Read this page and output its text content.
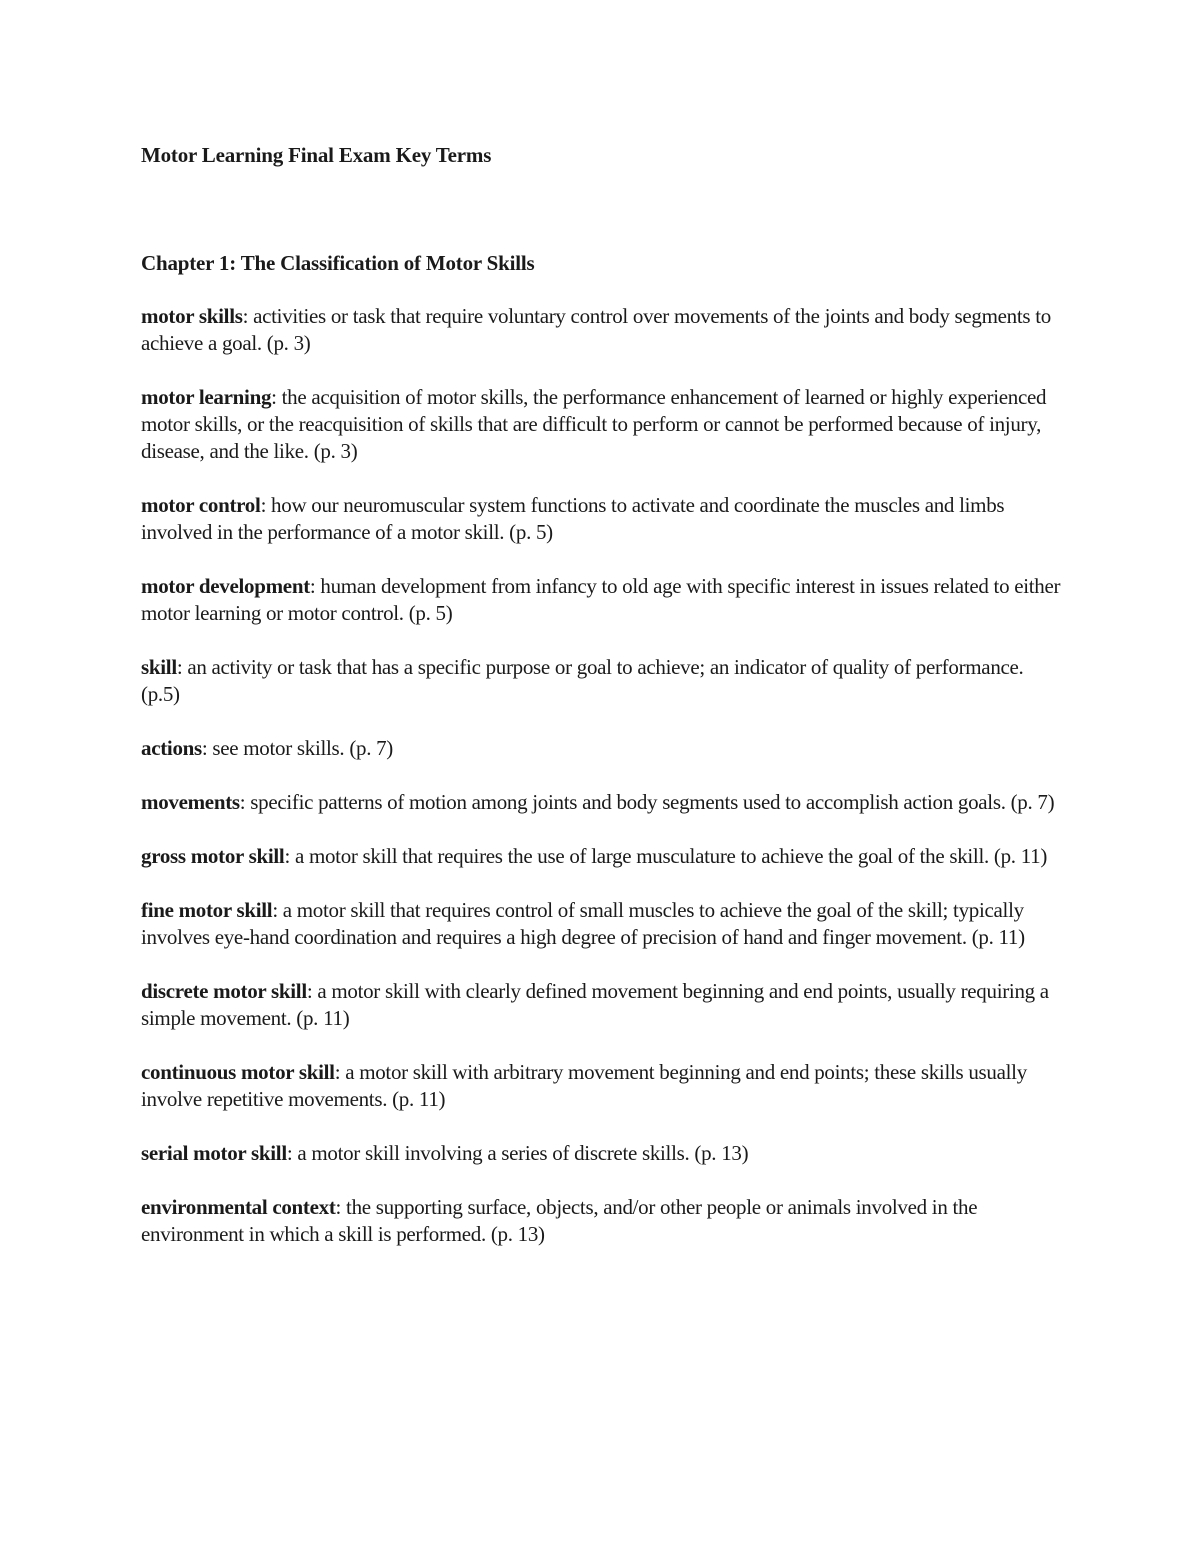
Motor Learning Final Exam Key Terms

Chapter 1: The Classification of Motor Skills

motor skills: activities or task that require voluntary control over movements of the joints and body segments to achieve a goal. (p. 3)

motor learning: the acquisition of motor skills, the performance enhancement of learned or highly experienced motor skills, or the reacquisition of skills that are difficult to perform or cannot be performed because of injury, disease, and the like. (p. 3)

motor control: how our neuromuscular system functions to activate and coordinate the muscles and limbs involved in the performance of a motor skill. (p. 5)

motor development: human development from infancy to old age with specific interest in issues related to either motor learning or motor control. (p. 5)

skill: an activity or task that has a specific purpose or goal to achieve; an indicator of quality of performance. (p.5)

actions: see motor skills. (p. 7)

movements: specific patterns of motion among joints and body segments used to accomplish action goals. (p. 7)

gross motor skill: a motor skill that requires the use of large musculature to achieve the goal of the skill. (p. 11)

fine motor skill: a motor skill that requires control of small muscles to achieve the goal of the skill; typically involves eye-hand coordination and requires a high degree of precision of hand and finger movement. (p. 11)

discrete motor skill: a motor skill with clearly defined movement beginning and end points, usually requiring a simple movement. (p. 11)

continuous motor skill: a motor skill with arbitrary movement beginning and end points; these skills usually involve repetitive movements. (p. 11)

serial motor skill: a motor skill involving a series of discrete skills. (p. 13)

environmental context: the supporting surface, objects, and/or other people or animals involved in the environment in which a skill is performed. (p. 13)
